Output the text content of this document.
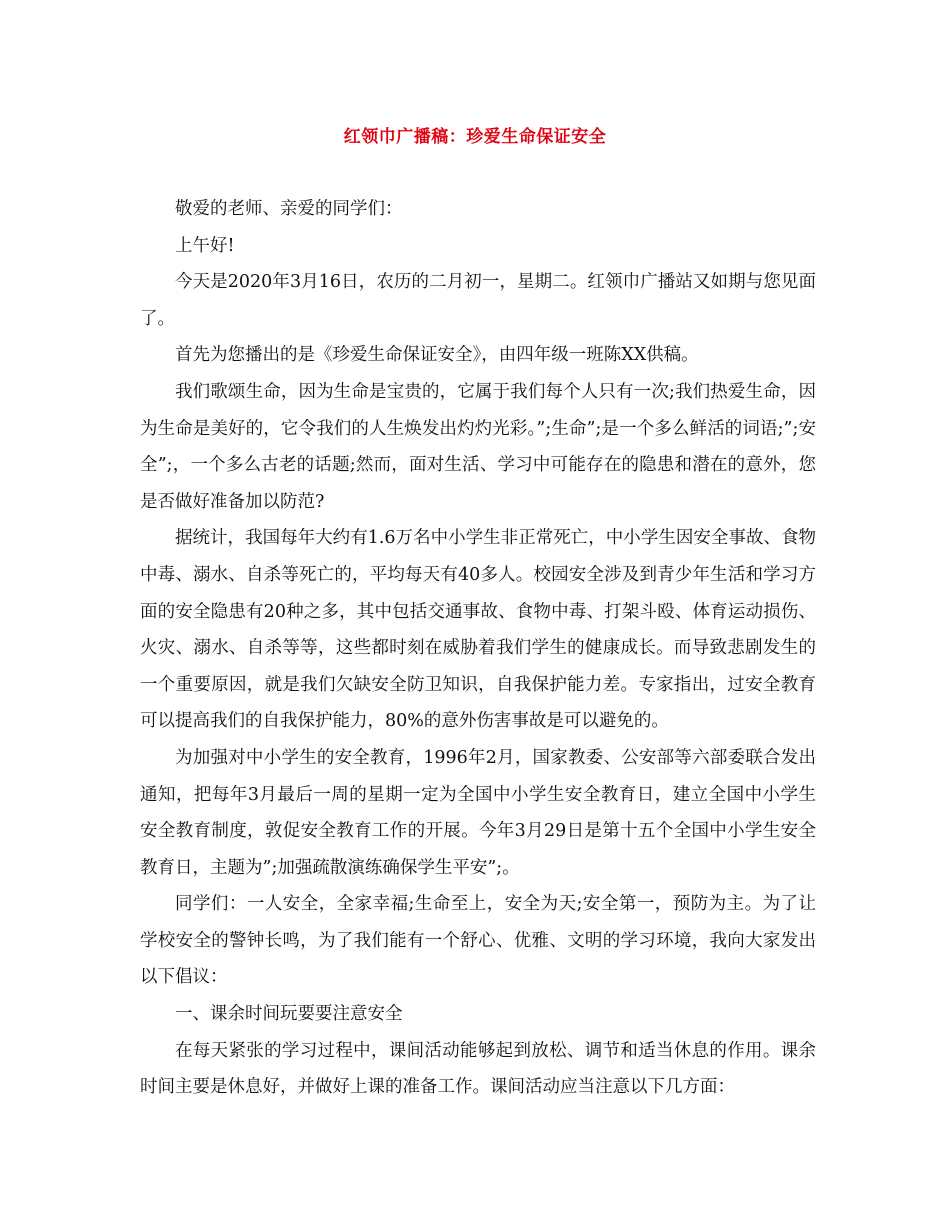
红领巾广播稿：珍爱生命保证安全

敬爱的老师、亲爱的同学们：

上午好!

今天是2020年3月16日，农历的二月初一，星期二。红领巾广播站又如期与您见面了。

首先为您播出的是《珍爱生命保证安全》，由四年级一班陈XX供稿。

我们歌颂生命，因为生命是宝贵的，它属于我们每个人只有一次;我们热爱生命，因为生命是美好的，它令我们的人生焕发出灼灼光彩。”;生命”;是一个多么鲜活的词语;”;安全”;，一个多么古老的话题;然而，面对生活、学习中可能存在的隐患和潜在的意外，您是否做好准备加以防范?

据统计，我国每年大约有1.6万名中小学生非正常死亡，中小学生因安全事故、食物中毒、溺水、自杀等死亡的，平均每天有40多人。校园安全涉及到青少年生活和学习方面的安全隐患有20种之多，其中包括交通事故、食物中毒、打架斗殴、体育运动损伤、火灾、溺水、自杀等等，这些都时刻在威胁着我们学生的健康成长。而导致悲剧发生的一个重要原因，就是我们欠缺安全防卫知识，自我保护能力差。专家指出，过安全教育可以提高我们的自我保护能力，80%的意外伤害事故是可以避免的。

为加强对中小学生的安全教育，1996年2月，国家教委、公安部等六部委联合发出通知，把每年3月最后一周的星期一定为全国中小学生安全教育日，建立全国中小学生安全教育制度，敦促安全教育工作的开展。今年3月29日是第十五个全国中小学生安全教育日，主题为”;加强疏散演练确保学生平安”;。

同学们：一人安全，全家幸福;生命至上，安全为天;安全第一，预防为主。为了让学校安全的警钟长鸣，为了我们能有一个舒心、优雅、文明的学习环境，我向大家发出以下倡议：

一、课余时间玩要要注意安全

在每天紧张的学习过程中，课间活动能够起到放松、调节和适当休息的作用。课余时间主要是休息好，并做好上课的准备工作。课间活动应当注意以下几方面：
